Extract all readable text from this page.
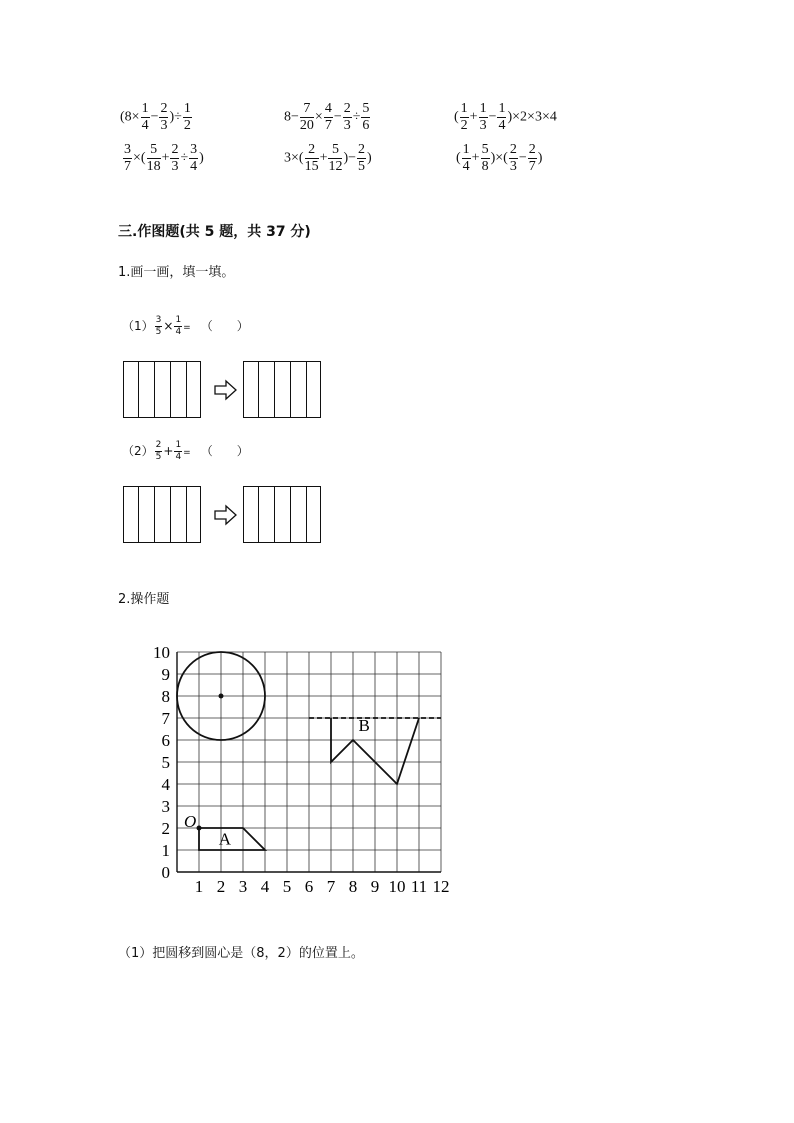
($8\times \frac{1}{4} - \frac{2}{3}$ )÷ $\frac{1}{2}$	$8- \frac{7}{20} \times \frac{4}{7} - \frac{2}{3} \div \frac{5}{6}$	( $\frac{1}{2} + \frac{1}{3} - \frac{1}{4} )\times 2\times 3\times 4$
$\frac{3}{7}$ ×( $\frac{5}{18} + \frac{2}{3} \div \frac{3}{4}$ )	$3\times( \frac{2}{15} + \frac{5}{12}$ )− $\frac{2}{5}$ )	( $\frac{1}{4} + \frac{5}{8}$ )×( $\frac{2}{3} - \frac{2}{7}$ )
三.作图题(共 5 题，共 37 分)
1.画一画，填一填。
$(1) \frac{3}{5} \times \frac{1}{4}$ = （　　）
$(2) \frac{2}{5} + \frac{1}{4}$ = （　　）
2.操作题
10
9
8
7
6
5
4
3
2
1
0
1 2 3 4 5 6 7 8 9 10 11 12
O
A
B
（1）把圆移到圆心是（8，2）的位置上。
